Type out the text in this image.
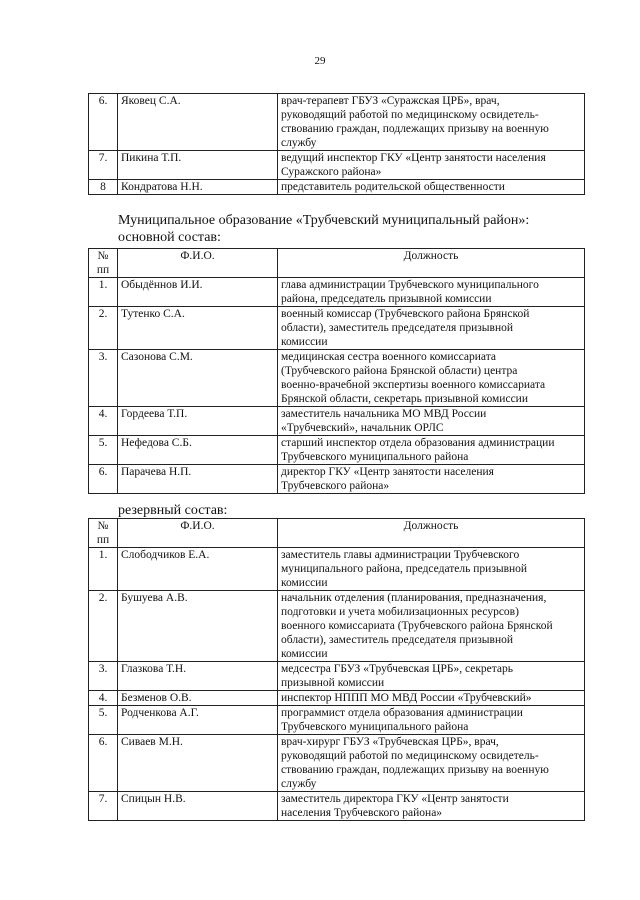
29
6.	Яковец С.А.	врач-терапевт ГБУЗ «Суражская ЦРБ», врач,
руководящий работой по медицинскому освидетель-
ствованию граждан, подлежащих призыву на военную
службу

7.	Пикина Т.П.	ведущий инспектор ГКУ «Центр занятости населения
Суражского района»

8	Кондратова Н.Н.	представитель родительской общественности
Муниципальное образование «Трубчевский муниципальный район»:
основной состав:
№ пп	Ф.И.О.	Должность
1.	Обыдённов И.И.	глава администрации Трубчевского муниципального
района, председатель призывной комиссии

2.	Тутенко С.А.	военный комиссар (Трубчевского района Брянской
области), заместитель председателя призывной
комиссии

3.	Сазонова С.М.	медицинская сестра военного комиссариата
(Трубчевского района Брянской области) центра
военно-врачебной экспертизы военного комиссариата
Брянской области, секретарь призывной комиссии

4.	Гордеева Т.П.	заместитель начальника МО МВД России
«Трубчевский», начальник ОРЛС

5.	Нефедова С.Б.	старший инспектор отдела образования администрации
Трубчевского муниципального района

6.	Парачева Н.П.	директор ГКУ «Центр занятости населения
Трубчевского района»
резервный состав:
№ пп	Ф.И.О.	Должность
1.	Слободчиков Е.А.	заместитель главы администрации Трубчевского
муниципального района, председатель призывной
комиссии

2.	Бушуева А.В.	начальник отделения (планирования, предназначения,
подготовки и учета мобилизационных ресурсов)
военного комиссариата (Трубчевского района Брянской
области), заместитель председателя призывной
комиссии

3.	Глазкова Т.Н.	медсестра ГБУЗ «Трубчевская ЦРБ», секретарь
призывной комиссии

4.	Безменов О.В.	инспектор НППП МО МВД России «Трубчевский»

5.	Родченкова А.Г.	программист отдела образования администрации
Трубчевского муниципального района

6.	Сиваев М.Н.	врач-хирург ГБУЗ «Трубчевская ЦРБ», врач,
руководящий работой по медицинскому освидетель-
ствованию граждан, подлежащих призыву на военную
службу

7.	Спицын Н.В.	заместитель директора ГКУ «Центр занятости
населения Трубчевского района»
